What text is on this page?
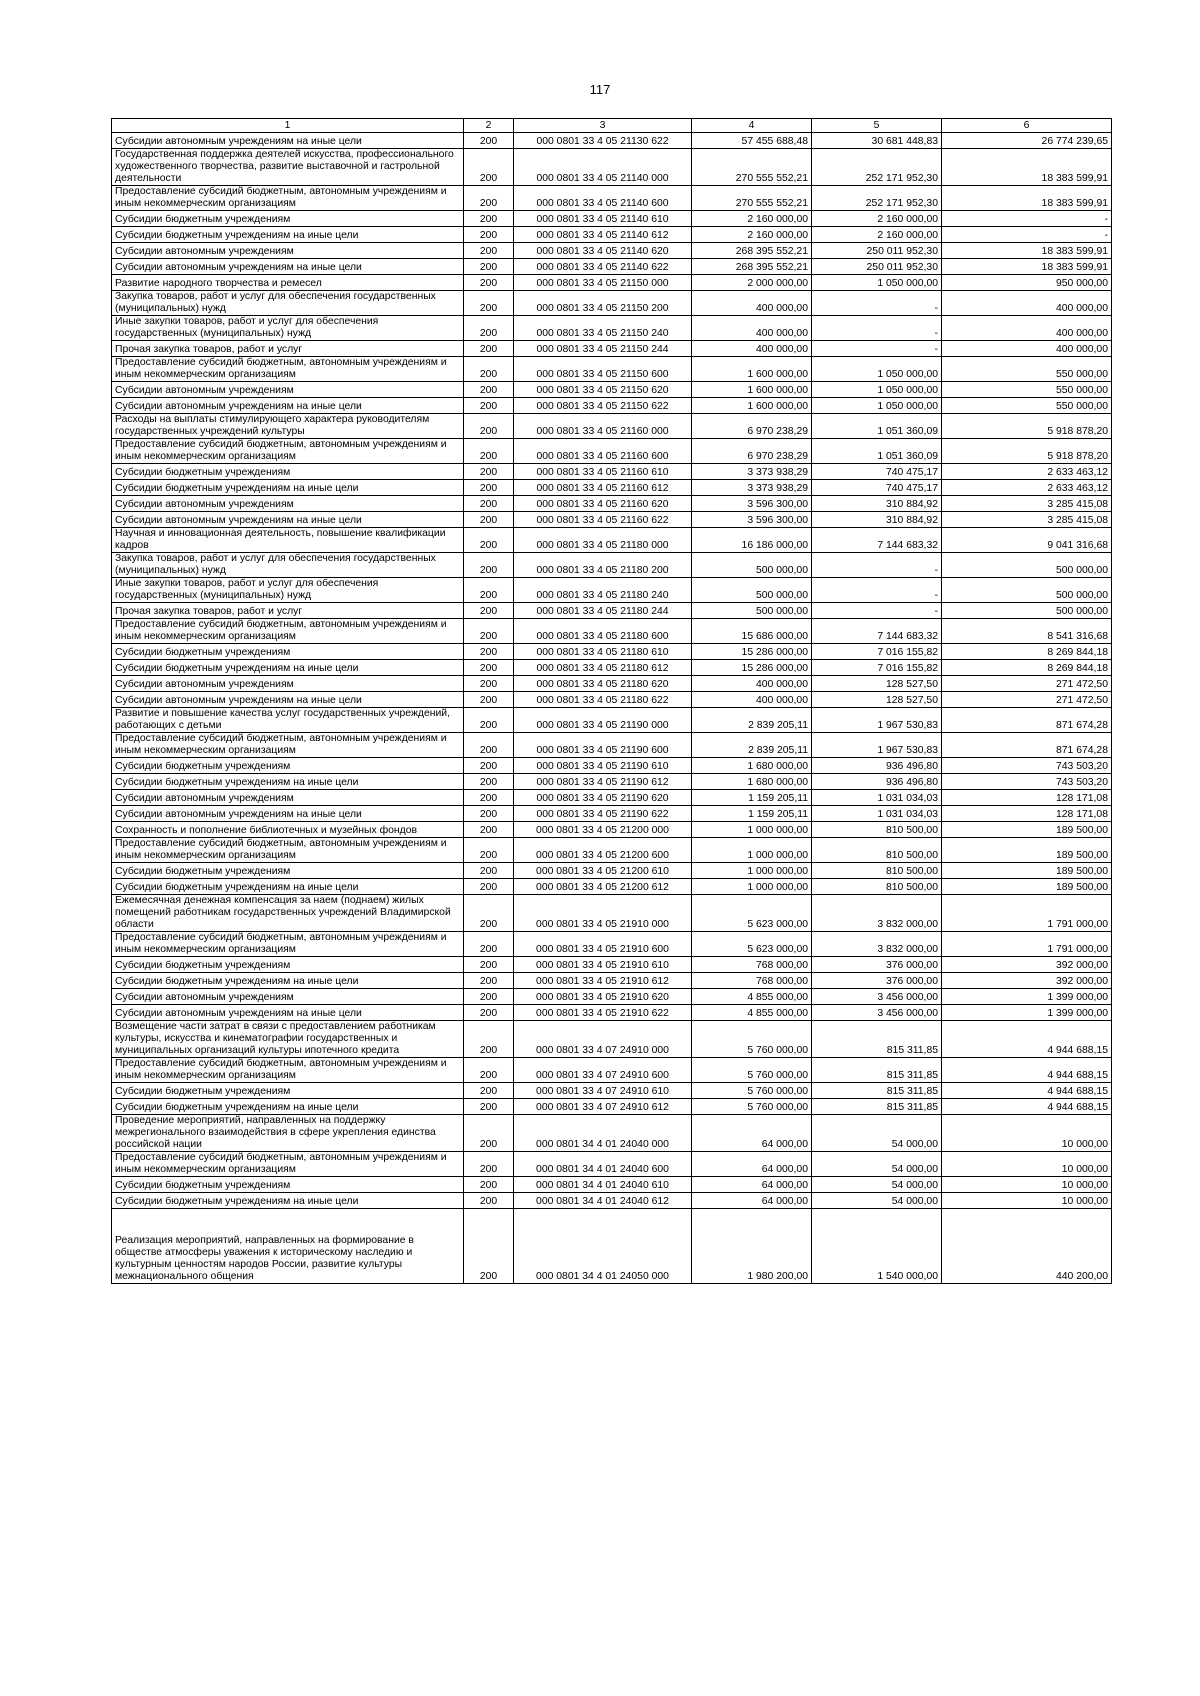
117
1	2	3	4	5	6
Субсидии автономным учреждениям на иные цели	200	000 0801 33 4 05 21130 622	57 455 688,48	30 681 448,83	26 774 239,65
Государственная поддержка деятелей искусства, профессионального художественного творчества, развитие выставочной и гастрольной деятельности	200	000 0801 33 4 05 21140 000	270 555 552,21	252 171 952,30	18 383 599,91
Предоставление субсидий бюджетным, автономным учреждениям и иным некоммерческим организациям	200	000 0801 33 4 05 21140 600	270 555 552,21	252 171 952,30	18 383 599,91
Субсидии бюджетным учреждениям	200	000 0801 33 4 05 21140 610	2 160 000,00	2 160 000,00	-
Субсидии бюджетным учреждениям на иные цели	200	000 0801 33 4 05 21140 612	2 160 000,00	2 160 000,00	-
Субсидии автономным учреждениям	200	000 0801 33 4 05 21140 620	268 395 552,21	250 011 952,30	18 383 599,91
Субсидии автономным учреждениям на иные цели	200	000 0801 33 4 05 21140 622	268 395 552,21	250 011 952,30	18 383 599,91
Развитие народного творчества и ремесел	200	000 0801 33 4 05 21150 000	2 000 000,00	1 050 000,00	950 000,00
Закупка товаров, работ и услуг для обеспечения государственных (муниципальных) нужд	200	000 0801 33 4 05 21150 200	400 000,00	-	400 000,00
Иные закупки товаров, работ и услуг для обеспечения государственных (муниципальных) нужд	200	000 0801 33 4 05 21150 240	400 000,00	-	400 000,00
Прочая закупка товаров, работ и услуг	200	000 0801 33 4 05 21150 244	400 000,00	-	400 000,00
Предоставление субсидий бюджетным, автономным учреждениям и иным некоммерческим организациям	200	000 0801 33 4 05 21150 600	1 600 000,00	1 050 000,00	550 000,00
Субсидии автономным учреждениям	200	000 0801 33 4 05 21150 620	1 600 000,00	1 050 000,00	550 000,00
Субсидии автономным учреждениям на иные цели	200	000 0801 33 4 05 21150 622	1 600 000,00	1 050 000,00	550 000,00
Расходы на выплаты стимулирующего характера руководителям государственных учреждений культуры	200	000 0801 33 4 05 21160 000	6 970 238,29	1 051 360,09	5 918 878,20
Предоставление субсидий бюджетным, автономным учреждениям и иным некоммерческим организациям	200	000 0801 33 4 05 21160 600	6 970 238,29	1 051 360,09	5 918 878,20
Субсидии бюджетным учреждениям	200	000 0801 33 4 05 21160 610	3 373 938,29	740 475,17	2 633 463,12
Субсидии бюджетным учреждениям на иные цели	200	000 0801 33 4 05 21160 612	3 373 938,29	740 475,17	2 633 463,12
Субсидии автономным учреждениям	200	000 0801 33 4 05 21160 620	3 596 300,00	310 884,92	3 285 415,08
Субсидии автономным учреждениям на иные цели	200	000 0801 33 4 05 21160 622	3 596 300,00	310 884,92	3 285 415,08
Научная и инновационная деятельность, повышение квалификации кадров	200	000 0801 33 4 05 21180 000	16 186 000,00	7 144 683,32	9 041 316,68
Закупка товаров, работ и услуг для обеспечения государственных (муниципальных) нужд	200	000 0801 33 4 05 21180 200	500 000,00	-	500 000,00
Иные закупки товаров, работ и услуг для обеспечения государственных (муниципальных) нужд	200	000 0801 33 4 05 21180 240	500 000,00	-	500 000,00
Прочая закупка товаров, работ и услуг	200	000 0801 33 4 05 21180 244	500 000,00	-	500 000,00
Предоставление субсидий бюджетным, автономным учреждениям и иным некоммерческим организациям	200	000 0801 33 4 05 21180 600	15 686 000,00	7 144 683,32	8 541 316,68
Субсидии бюджетным учреждениям	200	000 0801 33 4 05 21180 610	15 286 000,00	7 016 155,82	8 269 844,18
Субсидии бюджетным учреждениям на иные цели	200	000 0801 33 4 05 21180 612	15 286 000,00	7 016 155,82	8 269 844,18
Субсидии автономным учреждениям	200	000 0801 33 4 05 21180 620	400 000,00	128 527,50	271 472,50
Субсидии автономным учреждениям на иные цели	200	000 0801 33 4 05 21180 622	400 000,00	128 527,50	271 472,50
Развитие и повышение качества услуг государственных учреждений, работающих с детьми	200	000 0801 33 4 05 21190 000	2 839 205,11	1 967 530,83	871 674,28
Предоставление субсидий бюджетным, автономным учреждениям и иным некоммерческим организациям	200	000 0801 33 4 05 21190 600	2 839 205,11	1 967 530,83	871 674,28
Субсидии бюджетным учреждениям	200	000 0801 33 4 05 21190 610	1 680 000,00	936 496,80	743 503,20
Субсидии бюджетным учреждениям на иные цели	200	000 0801 33 4 05 21190 612	1 680 000,00	936 496,80	743 503,20
Субсидии автономным учреждениям	200	000 0801 33 4 05 21190 620	1 159 205,11	1 031 034,03	128 171,08
Субсидии автономным учреждениям на иные цели	200	000 0801 33 4 05 21190 622	1 159 205,11	1 031 034,03	128 171,08
Сохранность и пополнение библиотечных и музейных фондов	200	000 0801 33 4 05 21200 000	1 000 000,00	810 500,00	189 500,00
Предоставление субсидий бюджетным, автономным учреждениям и иным некоммерческим организациям	200	000 0801 33 4 05 21200 600	1 000 000,00	810 500,00	189 500,00
Субсидии бюджетным учреждениям	200	000 0801 33 4 05 21200 610	1 000 000,00	810 500,00	189 500,00
Субсидии бюджетным учреждениям на иные цели	200	000 0801 33 4 05 21200 612	1 000 000,00	810 500,00	189 500,00
Ежемесячная денежная компенсация за наем (поднаем) жилых помещений работникам государственных учреждений Владимирской области	200	000 0801 33 4 05 21910 000	5 623 000,00	3 832 000,00	1 791 000,00
Предоставление субсидий бюджетным, автономным учреждениям и иным некоммерческим организациям	200	000 0801 33 4 05 21910 600	5 623 000,00	3 832 000,00	1 791 000,00
Субсидии бюджетным учреждениям	200	000 0801 33 4 05 21910 610	768 000,00	376 000,00	392 000,00
Субсидии бюджетным учреждениям на иные цели	200	000 0801 33 4 05 21910 612	768 000,00	376 000,00	392 000,00
Субсидии автономным учреждениям	200	000 0801 33 4 05 21910 620	4 855 000,00	3 456 000,00	1 399 000,00
Субсидии автономным учреждениям на иные цели	200	000 0801 33 4 05 21910 622	4 855 000,00	3 456 000,00	1 399 000,00
Возмещение части затрат в связи с предоставлением работникам культуры, искусства и кинематографии государственных и муниципальных организаций культуры ипотечного кредита	200	000 0801 33 4 07 24910 000	5 760 000,00	815 311,85	4 944 688,15
Предоставление субсидий бюджетным, автономным учреждениям и иным некоммерческим организациям	200	000 0801 33 4 07 24910 600	5 760 000,00	815 311,85	4 944 688,15
Субсидии бюджетным учреждениям	200	000 0801 33 4 07 24910 610	5 760 000,00	815 311,85	4 944 688,15
Субсидии бюджетным учреждениям на иные цели	200	000 0801 33 4 07 24910 612	5 760 000,00	815 311,85	4 944 688,15
Проведение мероприятий, направленных на поддержку межрегионального взаимодействия в сфере укрепления единства российской нации	200	000 0801 34 4 01 24040 000	64 000,00	54 000,00	10 000,00
Предоставление субсидий бюджетным, автономным учреждениям и иным некоммерческим организациям	200	000 0801 34 4 01 24040 600	64 000,00	54 000,00	10 000,00
Субсидии бюджетным учреждениям	200	000 0801 34 4 01 24040 610	64 000,00	54 000,00	10 000,00
Субсидии бюджетным учреждениям на иные цели	200	000 0801 34 4 01 24040 612	64 000,00	54 000,00	10 000,00
Реализация мероприятий, направленных на формирование в обществе атмосферы уважения к историческому наследию и культурным ценностям народов России, развитие культуры межнационального общения	200	000 0801 34 4 01 24050 000	1 980 200,00	1 540 000,00	440 200,00
